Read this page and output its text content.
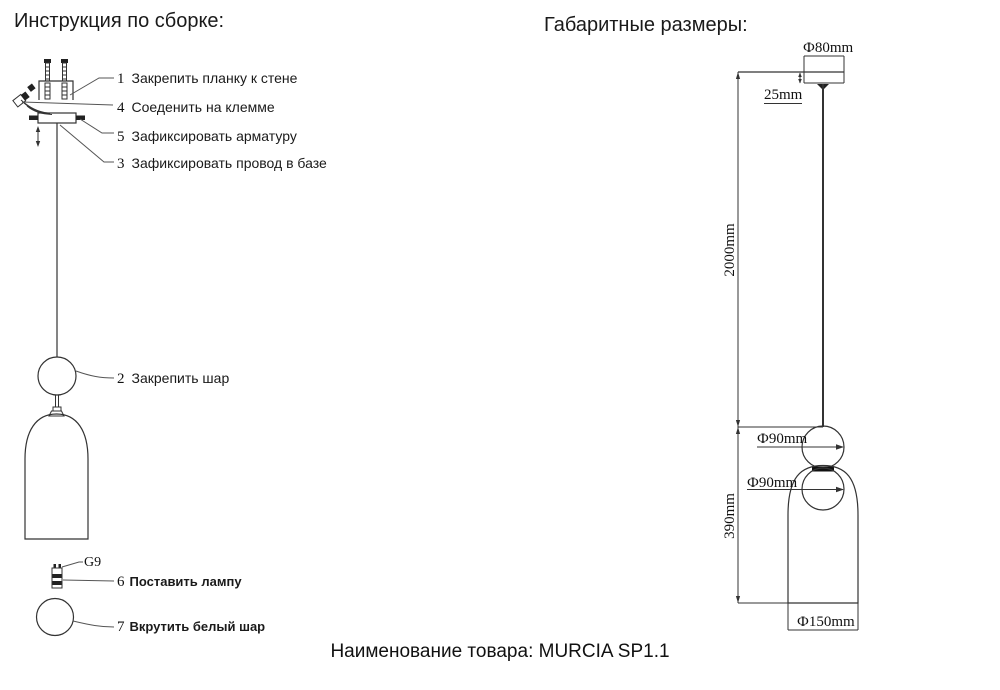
Инструкция по сборке:	Габаритные размеры:
1 Закрепить планку к стене
4 Соеденить на клемме
5 Зафиксировать арматуру
3 Зафиксировать провод в базе
2 Закрепить шар
6 Поставить лампу
7 Вкрутить белый шар
G9
Ф80mm
25mm
2000mm
390mm
Ф90mm
Ф90mm
Ф150mm
Наименование товара: MURCIA SP1.1
